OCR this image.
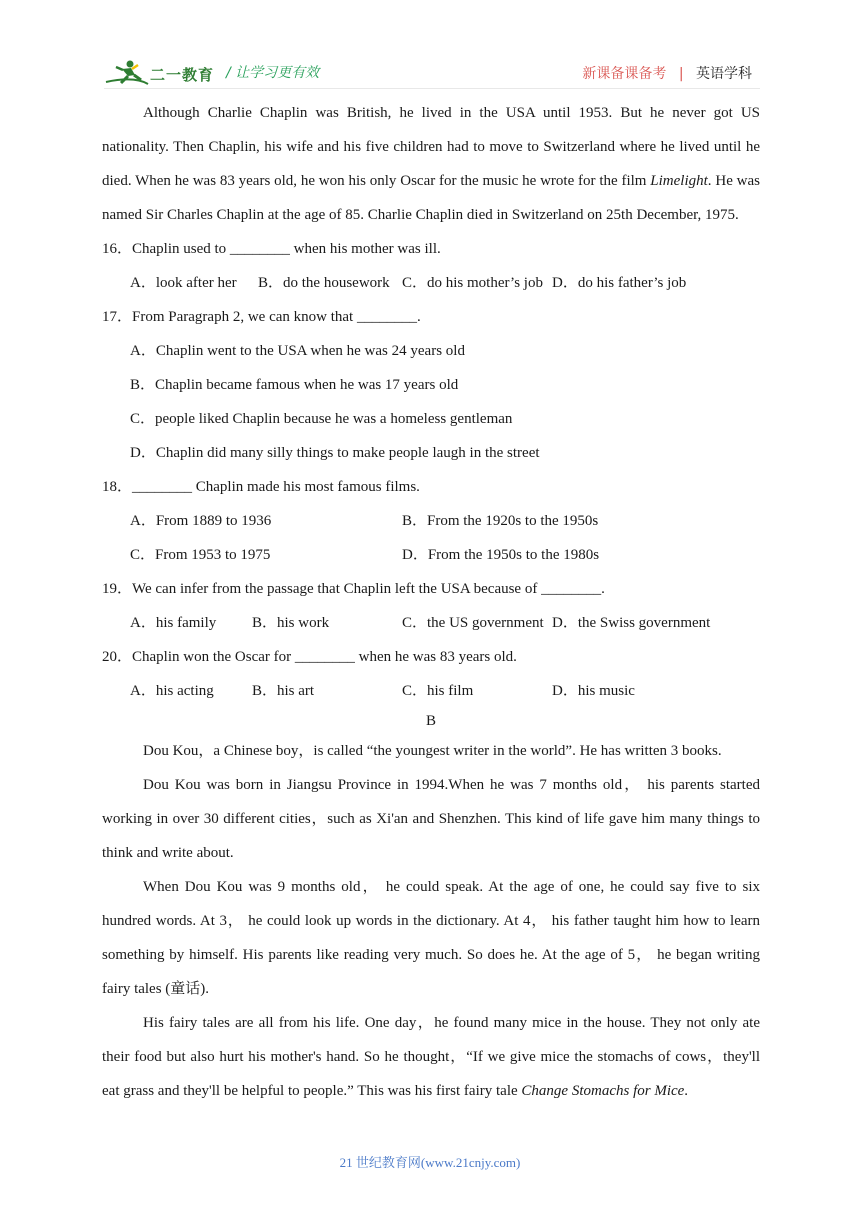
二一教育 / 让学习更有效	新课备课备考 | 英语学科

Although Charlie Chaplin was British, he lived in the USA until 1953. But he never got US nationality. Then Chaplin, his wife and his five children had to move to Switzerland where he lived until he died. When he was 83 years old, he won his only Oscar for the music he wrote for the film Limelight. He was named Sir Charles Chaplin at the age of 85. Charlie Chaplin died in Switzerland on 25th December, 1975.

16．Chaplin used to ________ when his mother was ill.

A．look after her B．do the housework C．do his mother’s job D．do his father’s job

17．From Paragraph 2, we can know that ________.

A．Chaplin went to the USA when he was 24 years old

B．Chaplin became famous when he was 17 years old

C．people liked Chaplin because he was a homeless gentleman

D．Chaplin did many silly things to make people laugh in the street

18．________ Chaplin made his most famous films.

A．From 1889 to 1936	B．From the 1920s to the 1950s

C．From 1953 to 1975	D．From the 1950s to the 1980s

19．We can infer from the passage that Chaplin left the USA because of ________.

A．his family B．his work	C．the US government D．the Swiss government

20．Chaplin won the Oscar for ________ when he was 83 years old.

A．his acting	B．his art	C．his film	D．his music

B

Dou Kou，a Chinese boy，is called “the youngest writer in the world”. He has written 3 books.

Dou Kou was born in Jiangsu Province in 1994.When he was 7 months old， his parents started working in over 30 different cities，such as Xi'an and Shenzhen. This kind of life gave him many things to think and write about.

When Dou Kou was 9 months old， he could speak. At the age of one, he could say five to six hundred words. At 3， he could look up words in the dictionary. At 4， his father taught him how to learn something by himself. His parents like reading very much. So does he. At the age of 5， he began writing fairy tales (童话).

His fairy tales are all from his life. One day，he found many mice in the house. They not only ate their food but also hurt his mother's hand. So he thought，“If we give mice the stomachs of cows，they'll eat grass and they'll be helpful to people.” This was his first fairy tale Change Stomachs for Mice.

21 世纪教育网(www.21cnjy.com)
